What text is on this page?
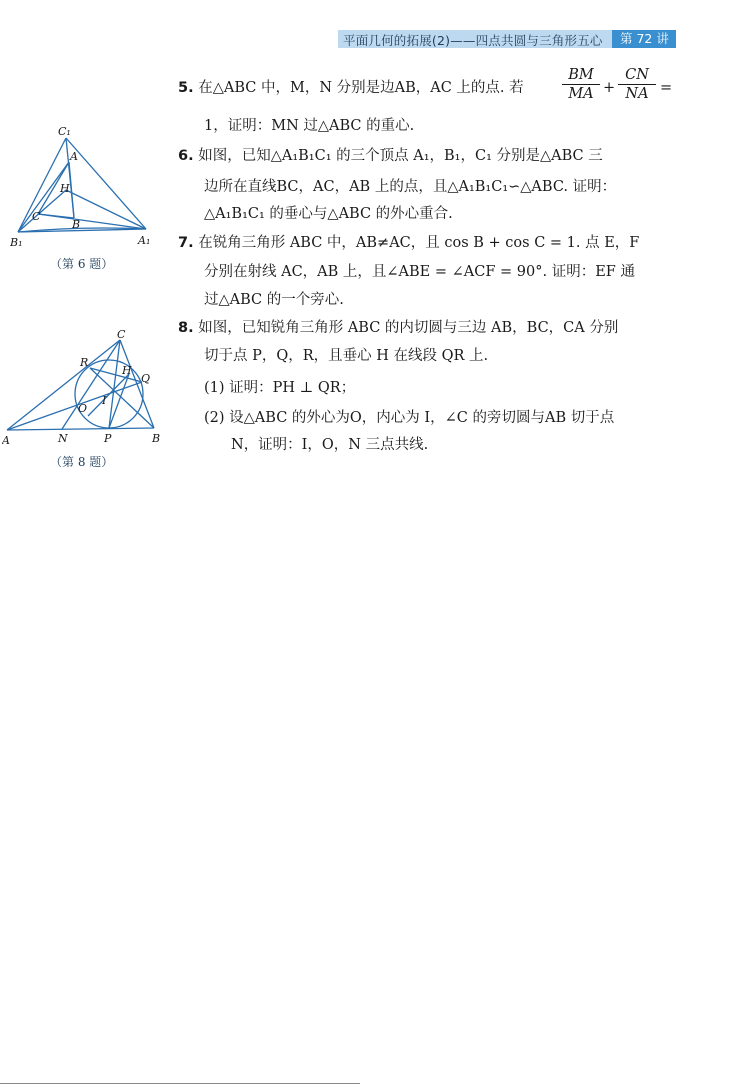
平面几何的拓展(2)——四点共圆与三角形五心	第 72 讲
5. 在△ABC 中，M，N 分别是边AB，AC 上的点. 若
BM
MA +
CN
NA =
1，证明：MN 过△ABC 的重心.
6. 如图，已知△A₁B₁C₁ 的三个顶点 A₁，B₁，C₁ 分别是△ABC 三
边所在直线BC，AC，AB 上的点，且△A₁B₁C₁∽△ABC. 证明：
△A₁B₁C₁ 的垂心与△ABC 的外心重合.
7. 在锐角三角形 ABC 中，AB≠AC，且 cos B + cos C = 1. 点 E，F
分别在射线 AC，AB 上，且∠ABE = ∠ACF = 90°. 证明：EF 通
过△ABC 的一个旁心.
8. 如图，已知锐角三角形 ABC 的内切圆与三边 AB，BC，CA 分别
切于点 P，Q，R，且垂心 H 在线段 QR 上.
(1) 证明：PH ⊥ QR；
(2) 设△ABC 的外心为O，内心为 I，∠C 的旁切圆与AB 切于点
N，证明：I，O，N 三点共线.
C₁
A
H
C
B
B₁	A₁
（第 6 题）
C
R
H
Q
I
O
A	N	P	B
（第 8 题）
